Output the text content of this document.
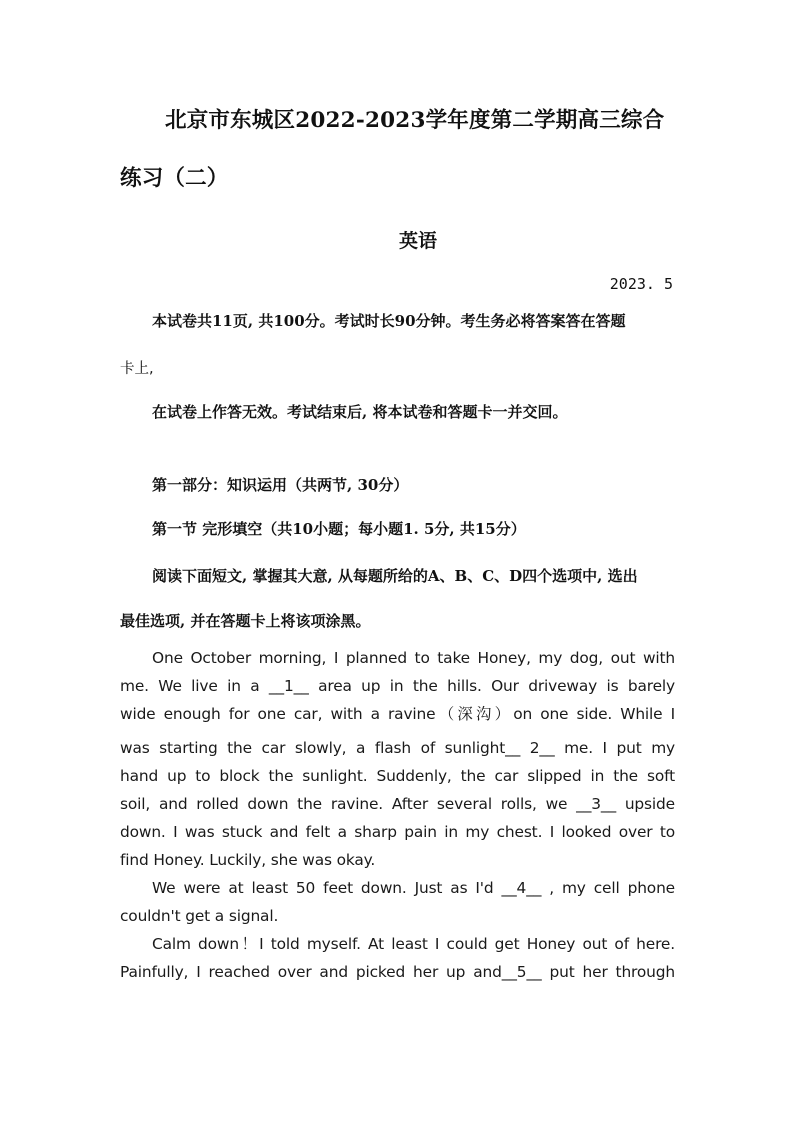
北京市东城区2022-2023学年度第二学期高三综合
练习（二）
英语
2023. 5
本试卷共11页, 共100分。考试时长90分钟。考生务必将答案答在答题
卡上,
在试卷上作答无效。考试结束后, 将本试卷和答题卡一并交回。
第一部分：知识运用（共两节, 30分）
第一节 完形填空（共10小题；每小题1. 5分, 共15分）
阅读下面短文, 掌握其大意, 从每题所给的A、B、C、D四个选项中, 选出
最佳选项, 并在答题卡上将该项涂黑。
One October morning, I planned to take Honey, my dog, out with
me. We live in a __1__ area up in the hills. Our driveway is barely
wide enough for one car, with a ravine（深沟）on one side. While I
was starting the car slowly, a flash of sunlight__ 2__ me. I put my
hand up to block the sunlight. Suddenly, the car slipped in the soft
soil, and rolled down the ravine. After several rolls, we __3__ upside
down. I was stuck and felt a sharp pain in my chest. I looked over to
find Honey. Luckily, she was okay.
We were at least 50 feet down. Just as I'd __4__ , my cell phone
couldn't get a signal.
Calm down！I told myself. At least I could get Honey out of here.
Painfully, I reached over and picked her up and__5__ put her through
